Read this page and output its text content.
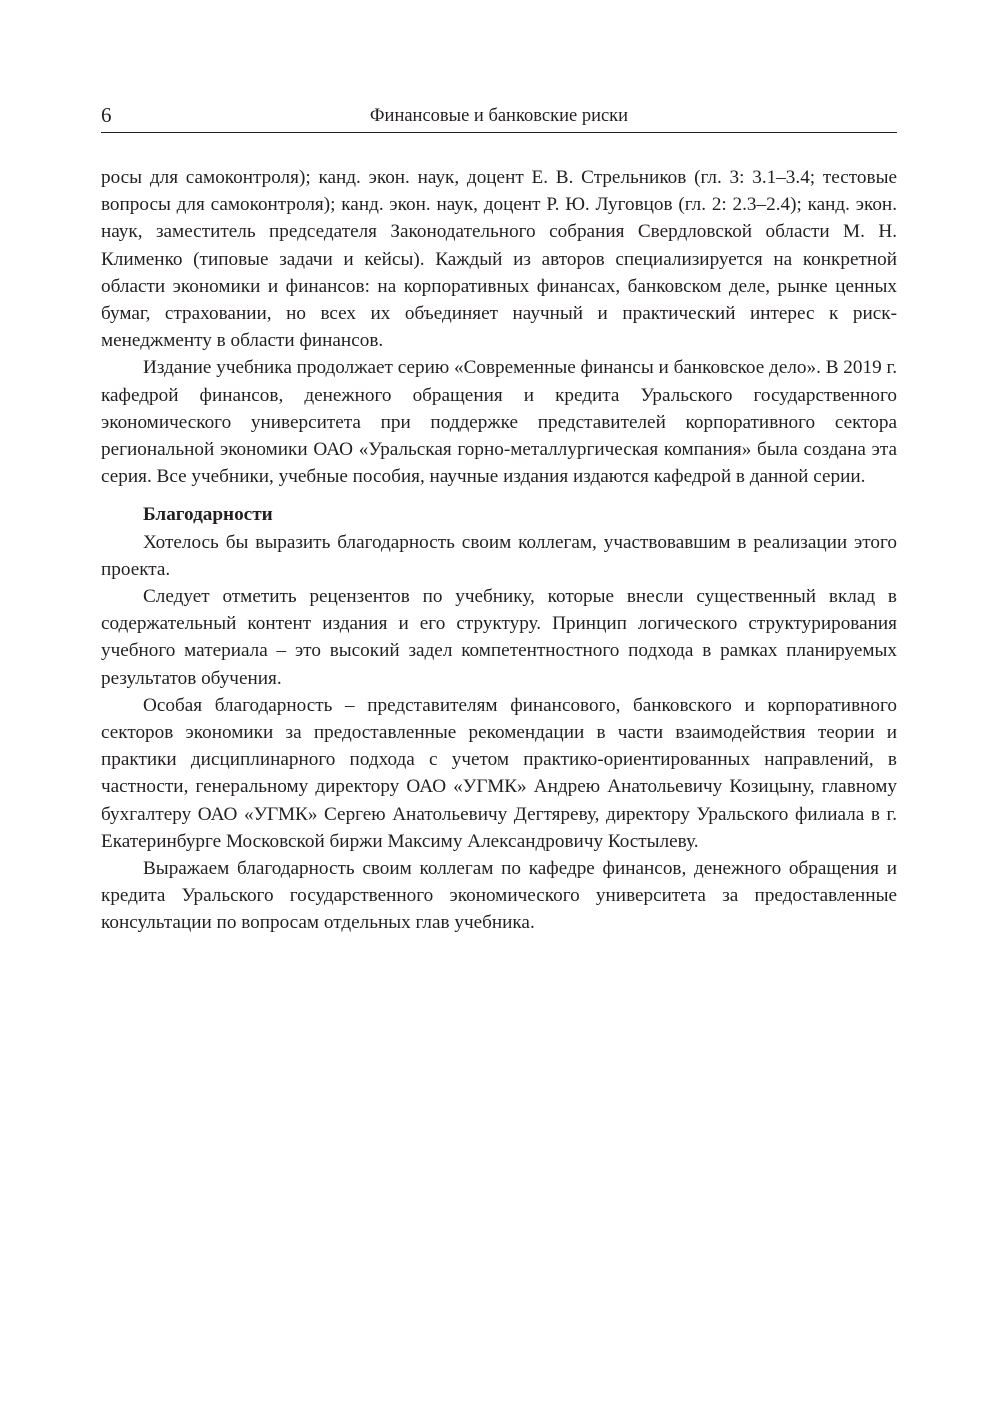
6	Финансовые и банковские риски

росы для самоконтроля); канд. экон. наук, доцент Е. В. Стрельников (гл. 3: 3.1–3.4; тестовые вопросы для самоконтроля); канд. экон. наук, доцент Р. Ю. Луговцов (гл. 2: 2.3–2.4); канд. экон. наук, заместитель председателя Законодательного собрания Свердловской области М. Н. Клименко (типовые задачи и кейсы). Каждый из авторов специализируется на конкретной области экономики и финансов: на корпоративных финансах, банковском деле, рынке ценных бумаг, страховании, но всех их объединяет научный и практический интерес к риск-менеджменту в области финансов.

Издание учебника продолжает серию «Современные финансы и банковское дело». В 2019 г. кафедрой финансов, денежного обращения и кредита Уральского государственного экономического университета при поддержке представителей корпоративного сектора региональной экономики ОАО «Уральская горно-металлургическая компания» была создана эта серия. Все учебники, учебные пособия, научные издания издаются кафедрой в данной серии.

Благодарности

Хотелось бы выразить благодарность своим коллегам, участвовавшим в реализации этого проекта.

Следует отметить рецензентов по учебнику, которые внесли существенный вклад в содержательный контент издания и его структуру. Принцип логического структурирования учебного материала – это высокий задел компетентностного подхода в рамках планируемых результатов обучения.

Особая благодарность – представителям финансового, банковского и корпоративного секторов экономики за предоставленные рекомендации в части взаимодействия теории и практики дисциплинарного подхода с учетом практико-ориентированных направлений, в частности, генеральному директору ОАО «УГМК» Андрею Анатольевичу Козицыну, главному бухгалтеру ОАО «УГМК» Сергею Анатольевичу Дегтяреву, директору Уральского филиала в г. Екатеринбурге Московской биржи Максиму Александровичу Костылеву.

Выражаем благодарность своим коллегам по кафедре финансов, денежного обращения и кредита Уральского государственного экономического университета за предоставленные консультации по вопросам отдельных глав учебника.
